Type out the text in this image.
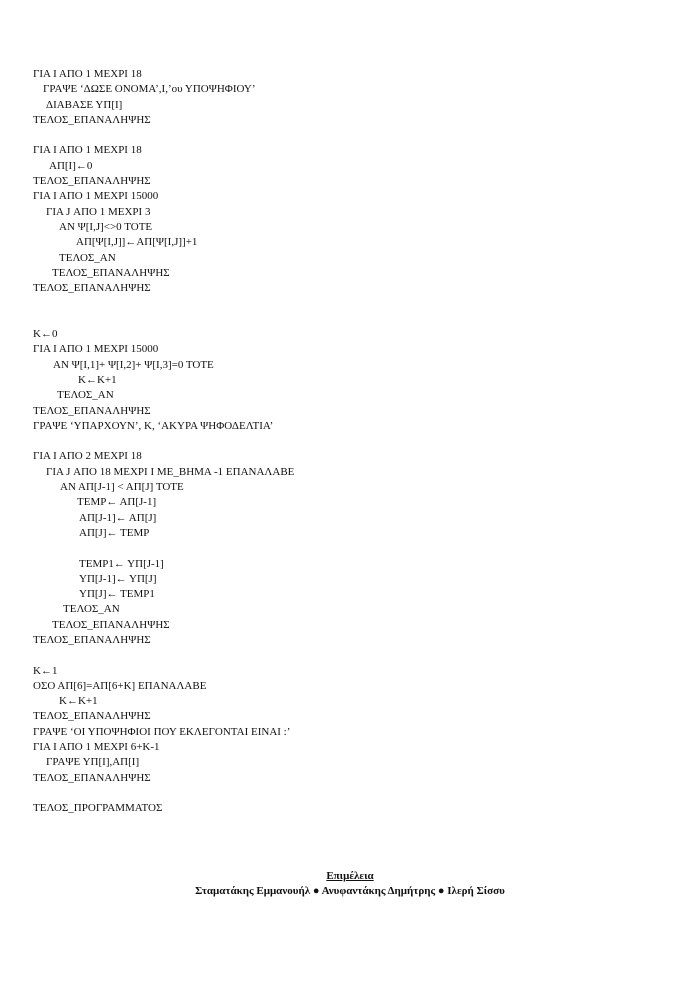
ΓΙΑ Ι ΑΠΟ 1 ΜΕΧΡΙ 18
ΓΡΑΨΕ ‘ΔΩΣΕ ΟΝΟΜΑ’,Ι,’ου ΥΠΟΨΗΦΙΟΥ’
ΔΙΑΒΑΣΕ ΥΠ[Ι]
ΤΕΛΟΣ_ΕΠΑΝΑΛΗΨΗΣ
ΓΙΑ Ι ΑΠΟ 1 ΜΕΧΡΙ 18
ΑΠ[Ι]←0
ΤΕΛΟΣ_ΕΠΑΝΑΛΗΨΗΣ
ΓΙΑ Ι ΑΠΟ 1 ΜΕΧΡΙ 15000
ΓΙΑ J ΑΠΟ 1 ΜΕΧΡΙ 3
ΑΝ Ψ[Ι,J]<>0 ΤΟΤΕ
ΑΠ[Ψ[Ι,J]]←ΑΠ[Ψ[Ι,J]]+1
ΤΕΛΟΣ_ΑΝ
ΤΕΛΟΣ_ΕΠΑΝΑΛΗΨΗΣ
ΤΕΛΟΣ_ΕΠΑΝΑΛΗΨΗΣ
Κ←0
ΓΙΑ Ι ΑΠΟ 1 ΜΕΧΡΙ 15000
ΑΝ Ψ[Ι,1]+ Ψ[Ι,2]+ Ψ[Ι,3]=0 ΤΟΤΕ
Κ←Κ+1
ΤΕΛΟΣ_ΑΝ
ΤΕΛΟΣ_ΕΠΑΝΑΛΗΨΗΣ
ΓΡΑΨΕ ‘ΥΠΑΡΧΟΥΝ’, Κ, ‘ΑΚΥΡΑ ΨΗΦΟΔΕΛΤΙΑ’
ΓΙΑ Ι ΑΠΟ 2 ΜΕΧΡΙ 18
ΓΙΑ J ΑΠΟ 18 ΜΕΧΡΙ Ι ΜΕ_ΒΗΜΑ -1 ΕΠΑΝΑΛΑΒΕ
ΑΝ ΑΠ[J-1] < ΑΠ[J] ΤΟΤΕ
ΤΕΜΡ← ΑΠ[J-1]
ΑΠ[J-1]← ΑΠ[J]
ΑΠ[J]← ΤΕΜΡ
ΤΕΜΡ1← ΥΠ[J-1]
ΥΠ[J-1]← ΥΠ[J]
ΥΠ[J]← ΤΕΜΡ1
ΤΕΛΟΣ_ΑΝ
ΤΕΛΟΣ_ΕΠΑΝΑΛΗΨΗΣ
ΤΕΛΟΣ_ΕΠΑΝΑΛΗΨΗΣ
Κ←1
ΟΣΟ ΑΠ[6]=ΑΠ[6+Κ] ΕΠΑΝΑΛΑΒΕ
Κ←Κ+1
ΤΕΛΟΣ_ΕΠΑΝΑΛΗΨΗΣ
ΓΡΑΨΕ ‘ΟΙ ΥΠΟΨΗΦΙΟΙ ΠΟΥ ΕΚΛΕΓΟΝΤΑΙ ΕΙΝΑΙ :’
ΓΙΑ Ι ΑΠΟ 1 ΜΕΧΡΙ 6+Κ-1
ΓΡΑΨΕ ΥΠ[Ι],ΑΠ[Ι]
ΤΕΛΟΣ_ΕΠΑΝΑΛΗΨΗΣ
ΤΕΛΟΣ_ΠΡΟΓΡΑΜΜΑΤΟΣ
Επιμέλεια
Σταματάκης Εμμανουήλ ● Ανυφαντάκης Δημήτρης ● Ιλερή Σίσσυ
